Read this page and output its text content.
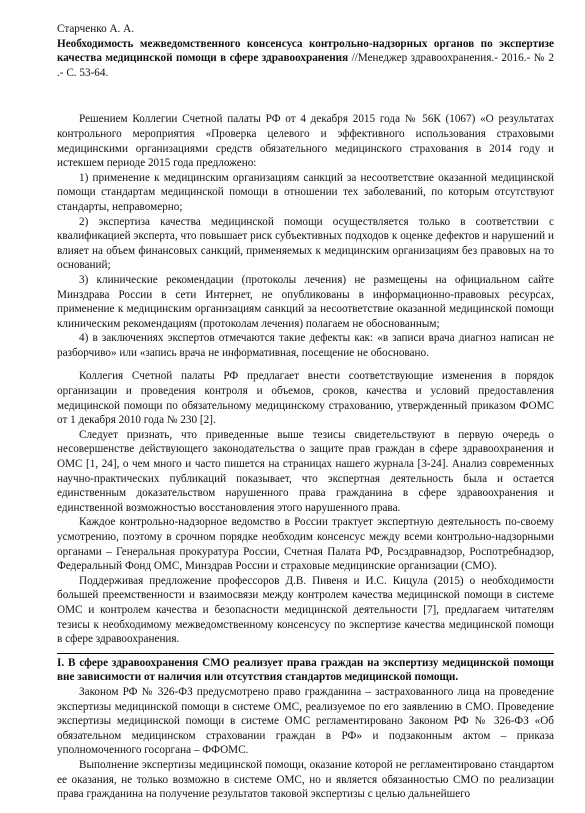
Старченко А. А.

Необходимость межведомственного консенсуса контрольно-надзорных органов по экспертизе качества медицинской помощи в сфере здравоохранения //Менеджер здравоохранения.- 2016.- № 2 .- С. 53-64.

Решением Коллегии Счетной палаты РФ от 4 декабря 2015 года № 56К (1067) «О результатах контрольного мероприятия «Проверка целевого и эффективного использования страховыми медицинскими организациями средств обязательного медицинского страхования в 2014 году и истекшем периоде 2015 года предложено:

1) применение к медицинским организациям санкций за несоответствие оказанной медицинской помощи стандартам медицинской помощи в отношении тех заболеваний, по которым отсутствуют стандарты, неправомерно;

2) экспертиза качества медицинской помощи осуществляется только в соответствии с квалификацией эксперта, что повышает риск субъективных подходов к оценке дефектов и нарушений и влияет на объем финансовых санкций, применяемых к медицинским организациям без правовых на то оснований;

3) клинические рекомендации (протоколы лечения) не размещены на официальном сайте Минздрава России в сети Интернет, не опубликованы в информационно-правовых ресурсах, применение к медицинским организациям санкций за несоответствие оказанной медицинской помощи клиническим рекомендациям (протоколам лечения) полагаем не обоснованным;

4) в заключениях экспертов отмечаются такие дефекты как: «в записи врача диагноз написан не разборчиво» или «запись врача не информативная, посещение не обосновано.

Коллегия Счетной палаты РФ предлагает внести соответствующие изменения в порядок организации и проведения контроля и объемов, сроков, качества и условий предоставления медицинской помощи по обязательному медицинскому страхованию, утвержденный приказом ФОМС от 1 декабря 2010 года № 230 [2].

Следует признать, что приведенные выше тезисы свидетельствуют в первую очередь о несовершенстве действующего законодательства о защите прав граждан в сфере здравоохранения и ОМС [1, 24], о чем много и часто пишется на страницах нашего журнала [3-24]. Анализ современных научно-практических публикаций показывает, что экспертная деятельность была и остается единственным доказательством нарушенного права гражданина в сфере здравоохранения и единственной возможностью восстановления этого нарушенного права.

Каждое контрольно-надзорное ведомство в России трактует экспертную деятельность по-своему усмотрению, поэтому в срочном порядке необходим консенсус между всеми контрольно-надзорными органами – Генеральная прокуратура России, Счетная Палата РФ, Росздравнадзор, Роспотребнадзор, Федеральный Фонд ОМС, Минздрав России и страховые медицинские организации (СМО).

Поддерживая предложение профессоров Д.В. Пивеня и И.С. Кицула (2015) о необходимости большей преемственности и взаимосвязи между контролем качества медицинской помощи в системе ОМС и контролем качества и безопасности медицинской деятельности [7], предлагаем читателям тезисы к необходимому межведомственному консенсусу по экспертизе качества медицинской помощи в сфере здравоохранения.

I. В сфере здравоохранения СМО реализует права граждан на экспертизу медицинской помощи вне зависимости от наличия или отсутствия стандартов медицинской помощи.

Законом РФ № 326-ФЗ предусмотрено право гражданина – застрахованного лица на проведение экспертизы медицинской помощи в системе ОМС, реализуемое по его заявлению в СМО. Проведение экспертизы медицинской помощи в системе ОМС регламентировано Законом РФ № 326-ФЗ «Об обязательном медицинском страховании граждан в РФ» и подзаконным актом – приказа уполномоченного госоргана – ФФОМС.

Выполнение экспертизы медицинской помощи, оказание которой не регламентировано стандартом ее оказания, не только возможно в системе ОМС, но и является обязанностью СМО по реализации права гражданина на получение результатов таковой экспертизы с целью дальнейшего
